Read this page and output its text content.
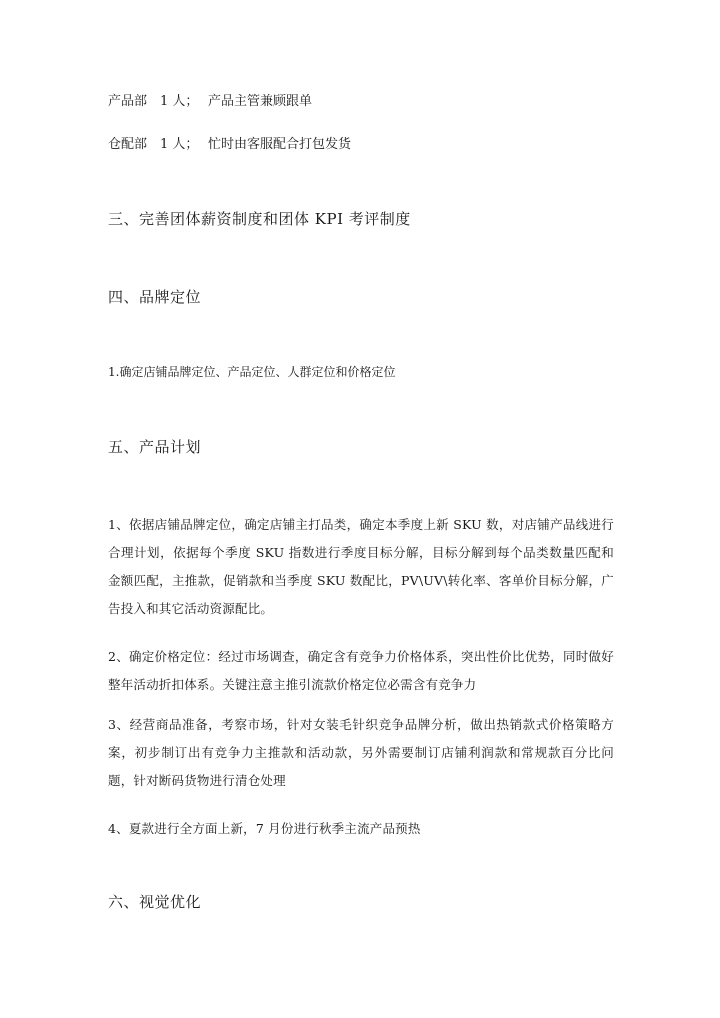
产品部 1 人； 产品主管兼顾跟单
仓配部 1 人； 忙时由客服配合打包发货
三、完善团体薪资制度和团体 KPI 考评制度
四、品牌定位
1.确定店铺品牌定位、产品定位、人群定位和价格定位
五、产品计划
1、依据店铺品牌定位，确定店铺主打品类，确定本季度上新 SKU 数，对店铺产品线进行合理计划，依据每个季度 SKU 指数进行季度目标分解，目标分解到每个品类数量匹配和金额匹配，主推款，促销款和当季度 SKU 数配比，PV\UV\转化率、客单价目标分解，广告投入和其它活动资源配比。
2、确定价格定位：经过市场调查，确定含有竞争力价格体系，突出性价比优势，同时做好整年活动折扣体系。关键注意主推引流款价格定位必需含有竞争力
3、经营商品准备，考察市场，针对女装毛针织竞争品牌分析，做出热销款式价格策略方案，初步制订出有竞争力主推款和活动款，另外需要制订店铺利润款和常规款百分比问题，针对断码货物进行清仓处理
4、夏款进行全方面上新，7 月份进行秋季主流产品预热
六、视觉优化
